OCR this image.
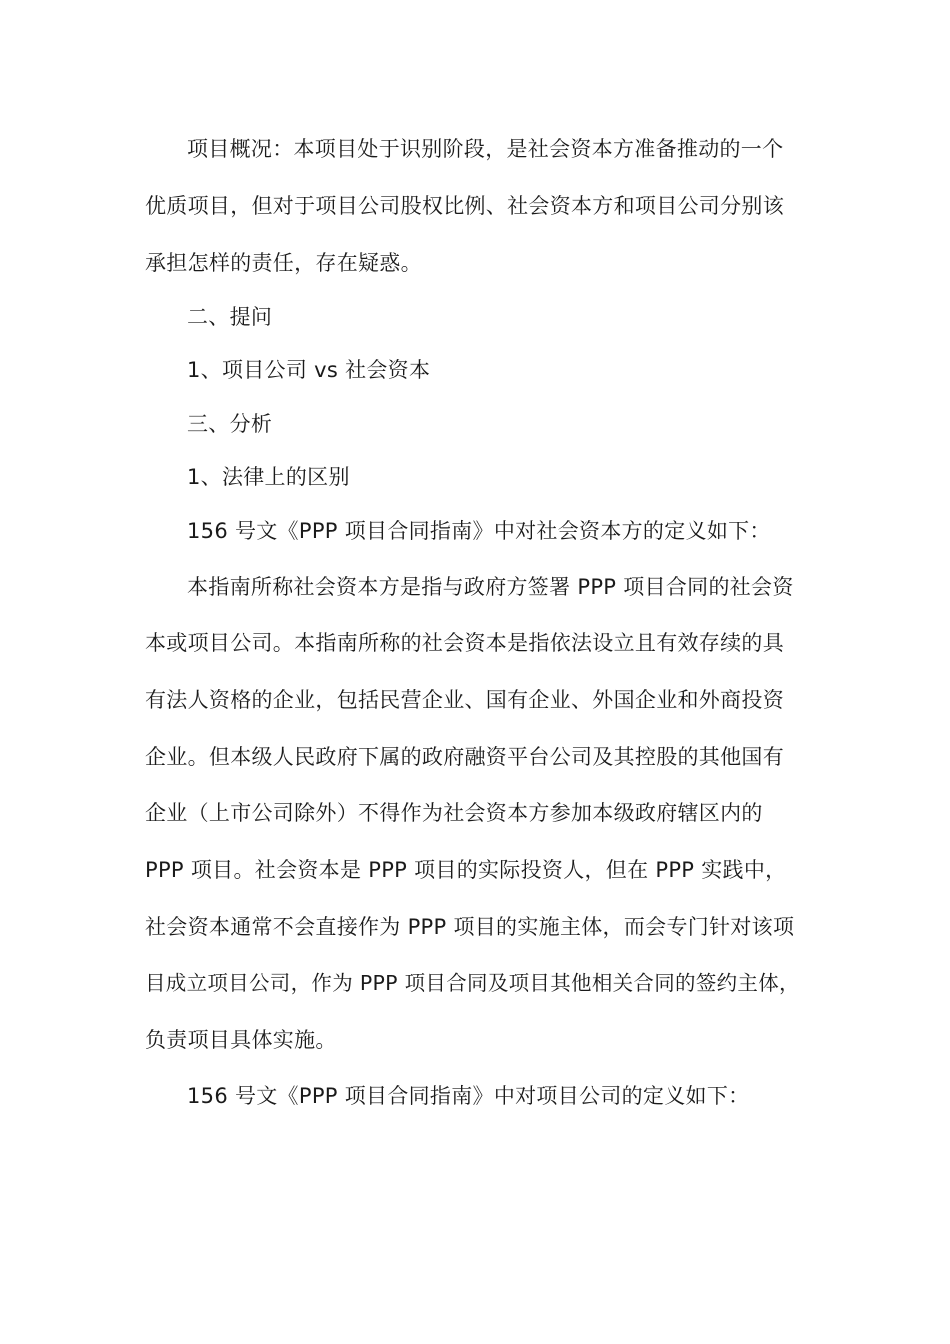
项目概况：本项目处于识别阶段，是社会资本方准备推动的一个
优质项目，但对于项目公司股权比例、社会资本方和项目公司分别该
承担怎样的责任，存在疑惑。
二、提问
1、项目公司 vs 社会资本
三、分析
1、法律上的区别
156 号文《PPP 项目合同指南》中对社会资本方的定义如下：
本指南所称社会资本方是指与政府方签署 PPP 项目合同的社会资
本或项目公司。本指南所称的社会资本是指依法设立且有效存续的具
有法人资格的企业，包括民营企业、国有企业、外国企业和外商投资
企业。但本级人民政府下属的政府融资平台公司及其控股的其他国有
企业（上市公司除外）不得作为社会资本方参加本级政府辖区内的
PPP 项目。社会资本是 PPP 项目的实际投资人，但在 PPP 实践中，
社会资本通常不会直接作为 PPP 项目的实施主体，而会专门针对该项
目成立项目公司，作为 PPP 项目合同及项目其他相关合同的签约主体，
负责项目具体实施。
156 号文《PPP 项目合同指南》中对项目公司的定义如下：
